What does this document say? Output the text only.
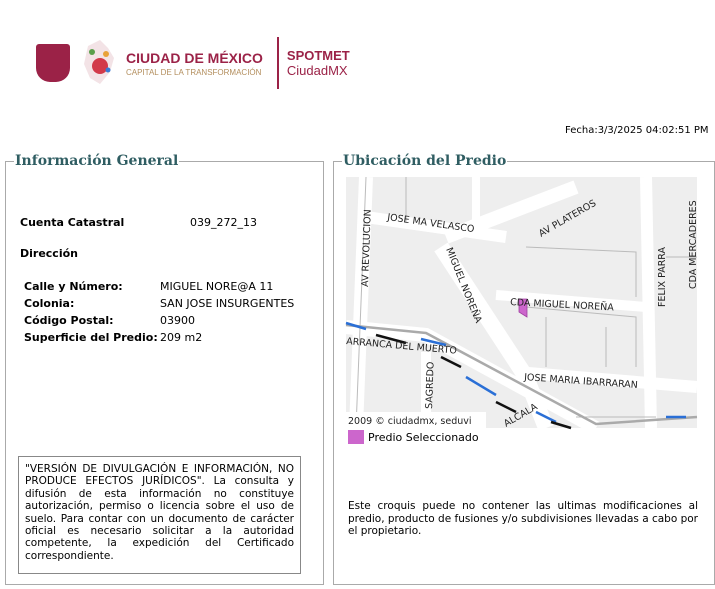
CIUDAD DE MÉXICO
CAPITAL DE LA TRANSFORMACIÓN
SPOTMET
CiudadMX
Fecha:3/3/2025 04:02:51 PM
Información General
Cuenta Catastral	039_272_13
Dirección
Calle y Número:	MIGUEL NORE@A 11
Colonia:	SAN JOSE INSURGENTES
Código Postal:	03900
Superficie del Predio: 209 m2
"VERSIÓN DE DIVULGACIÓN E INFORMACIÓN, NO PRODUCE EFECTOS JURÍDICOS". La consulta y difusión de esta información no constituye autorización, permiso o licencia sobre el uso de suelo. Para contar con un documento de carácter oficial es necesario solicitar a la autoridad competente, la expedición del Certificado correspondiente.
Ubicación del Predio
AV REVOLUCION JOSE MA VELASCO	AV PLATEROS
MIGUEL NOREÑA	CDA MIGUEL NOREÑA	FELIX PARRA CDA MERCADERES
ARRANCA DEL MUERTO
SAGREDO	JOSE MARIA IBARRARAN
ALCALA
2009 © ciudadmx, seduvi
Predio Seleccionado
Este croquis puede no contener las ultimas modificaciones al predio, producto de fusiones y/o subdivisiones llevadas a cabo por el propietario.
